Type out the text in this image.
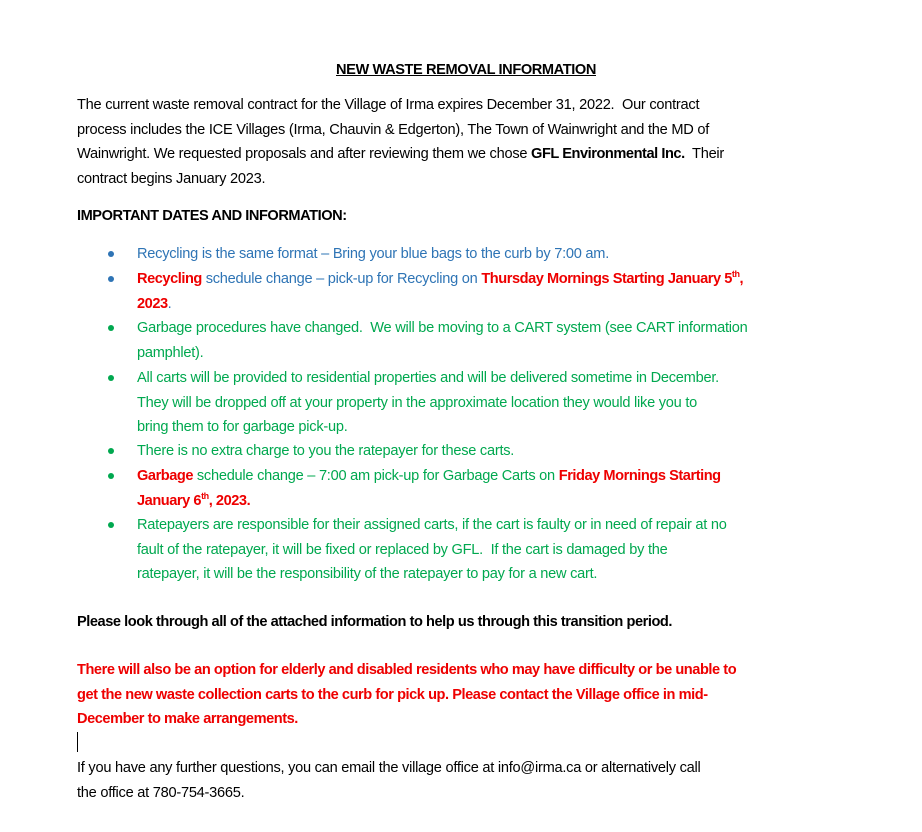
NEW WASTE REMOVAL INFORMATION
The current waste removal contract for the Village of Irma expires December 31, 2022.  Our contract
process includes the ICE Villages (Irma, Chauvin & Edgerton), The Town of Wainwright and the MD of
Wainwright. We requested proposals and after reviewing them we chose GFL Environmental Inc.  Their
contract begins January 2023.
IMPORTANT DATES AND INFORMATION:
Recycling is the same format – Bring your blue bags to the curb by 7:00 am.
Recycling schedule change – pick-up for Recycling on Thursday Mornings Starting January 5th,
2023.
Garbage procedures have changed.  We will be moving to a CART system (see CART information
pamphlet).
All carts will be provided to residential properties and will be delivered sometime in December.
They will be dropped off at your property in the approximate location they would like you to
bring them to for garbage pick-up.
There is no extra charge to you the ratepayer for these carts.
Garbage schedule change – 7:00 am pick-up for Garbage Carts on Friday Mornings Starting
January 6th, 2023.
Ratepayers are responsible for their assigned carts, if the cart is faulty or in need of repair at no
fault of the ratepayer, it will be fixed or replaced by GFL.  If the cart is damaged by the
ratepayer, it will be the responsibility of the ratepayer to pay for a new cart.
Please look through all of the attached information to help us through this transition period.
There will also be an option for elderly and disabled residents who may have difficulty or be unable to
get the new waste collection carts to the curb for pick up. Please contact the Village office in mid-
December to make arrangements.
If you have any further questions, you can email the village office at info@irma.ca or alternatively call
the office at 780-754-3665.
